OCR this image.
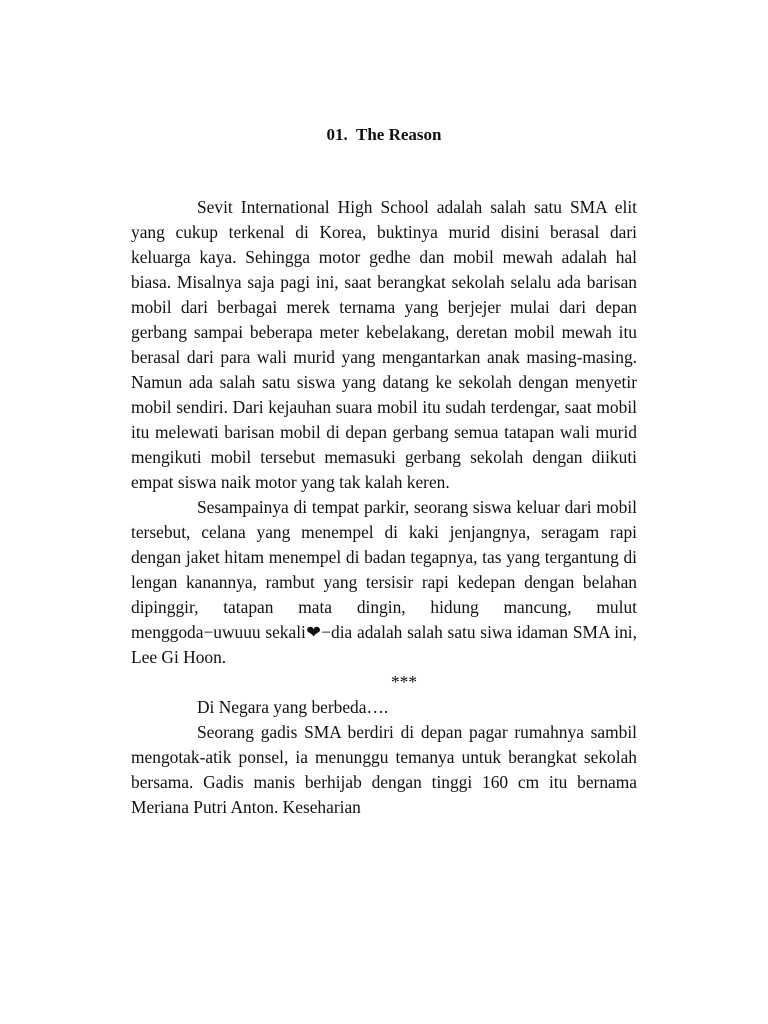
01.  The Reason

Sevit International High School adalah salah satu SMA elit yang cukup terkenal di Korea, buktinya murid disini berasal dari keluarga kaya. Sehingga motor gedhe dan mobil mewah adalah hal biasa. Misalnya saja pagi ini, saat berangkat sekolah selalu ada barisan mobil dari berbagai merek ternama yang berjejer mulai dari depan gerbang sampai beberapa meter kebelakang, deretan mobil mewah itu berasal dari para wali murid yang mengantarkan anak masing-masing. Namun ada salah satu siswa yang datang ke sekolah dengan menyetir mobil sendiri. Dari kejauhan suara mobil itu sudah terdengar, saat mobil itu melewati barisan mobil di depan gerbang semua tatapan wali murid mengikuti mobil tersebut memasuki gerbang sekolah dengan diikuti empat siswa naik motor yang tak kalah keren.

Sesampainya di tempat parkir, seorang siswa keluar dari mobil tersebut, celana yang menempel di kaki jenjangnya, seragam rapi dengan jaket hitam menempel di badan tegapnya, tas yang tergantung di lengan kanannya, rambut yang tersisir rapi kedepan dengan belahan dipinggir, tatapan mata dingin, hidung mancung, mulut menggoda−uwuuu sekali❤−dia adalah salah satu siwa idaman SMA ini, Lee Gi Hoon.

***

Di Negara yang berbeda….

Seorang gadis SMA berdiri di depan pagar rumahnya sambil mengotak-atik ponsel, ia menunggu temanya untuk berangkat sekolah bersama. Gadis manis berhijab dengan tinggi 160 cm itu bernama Meriana Putri Anton. Keseharian
